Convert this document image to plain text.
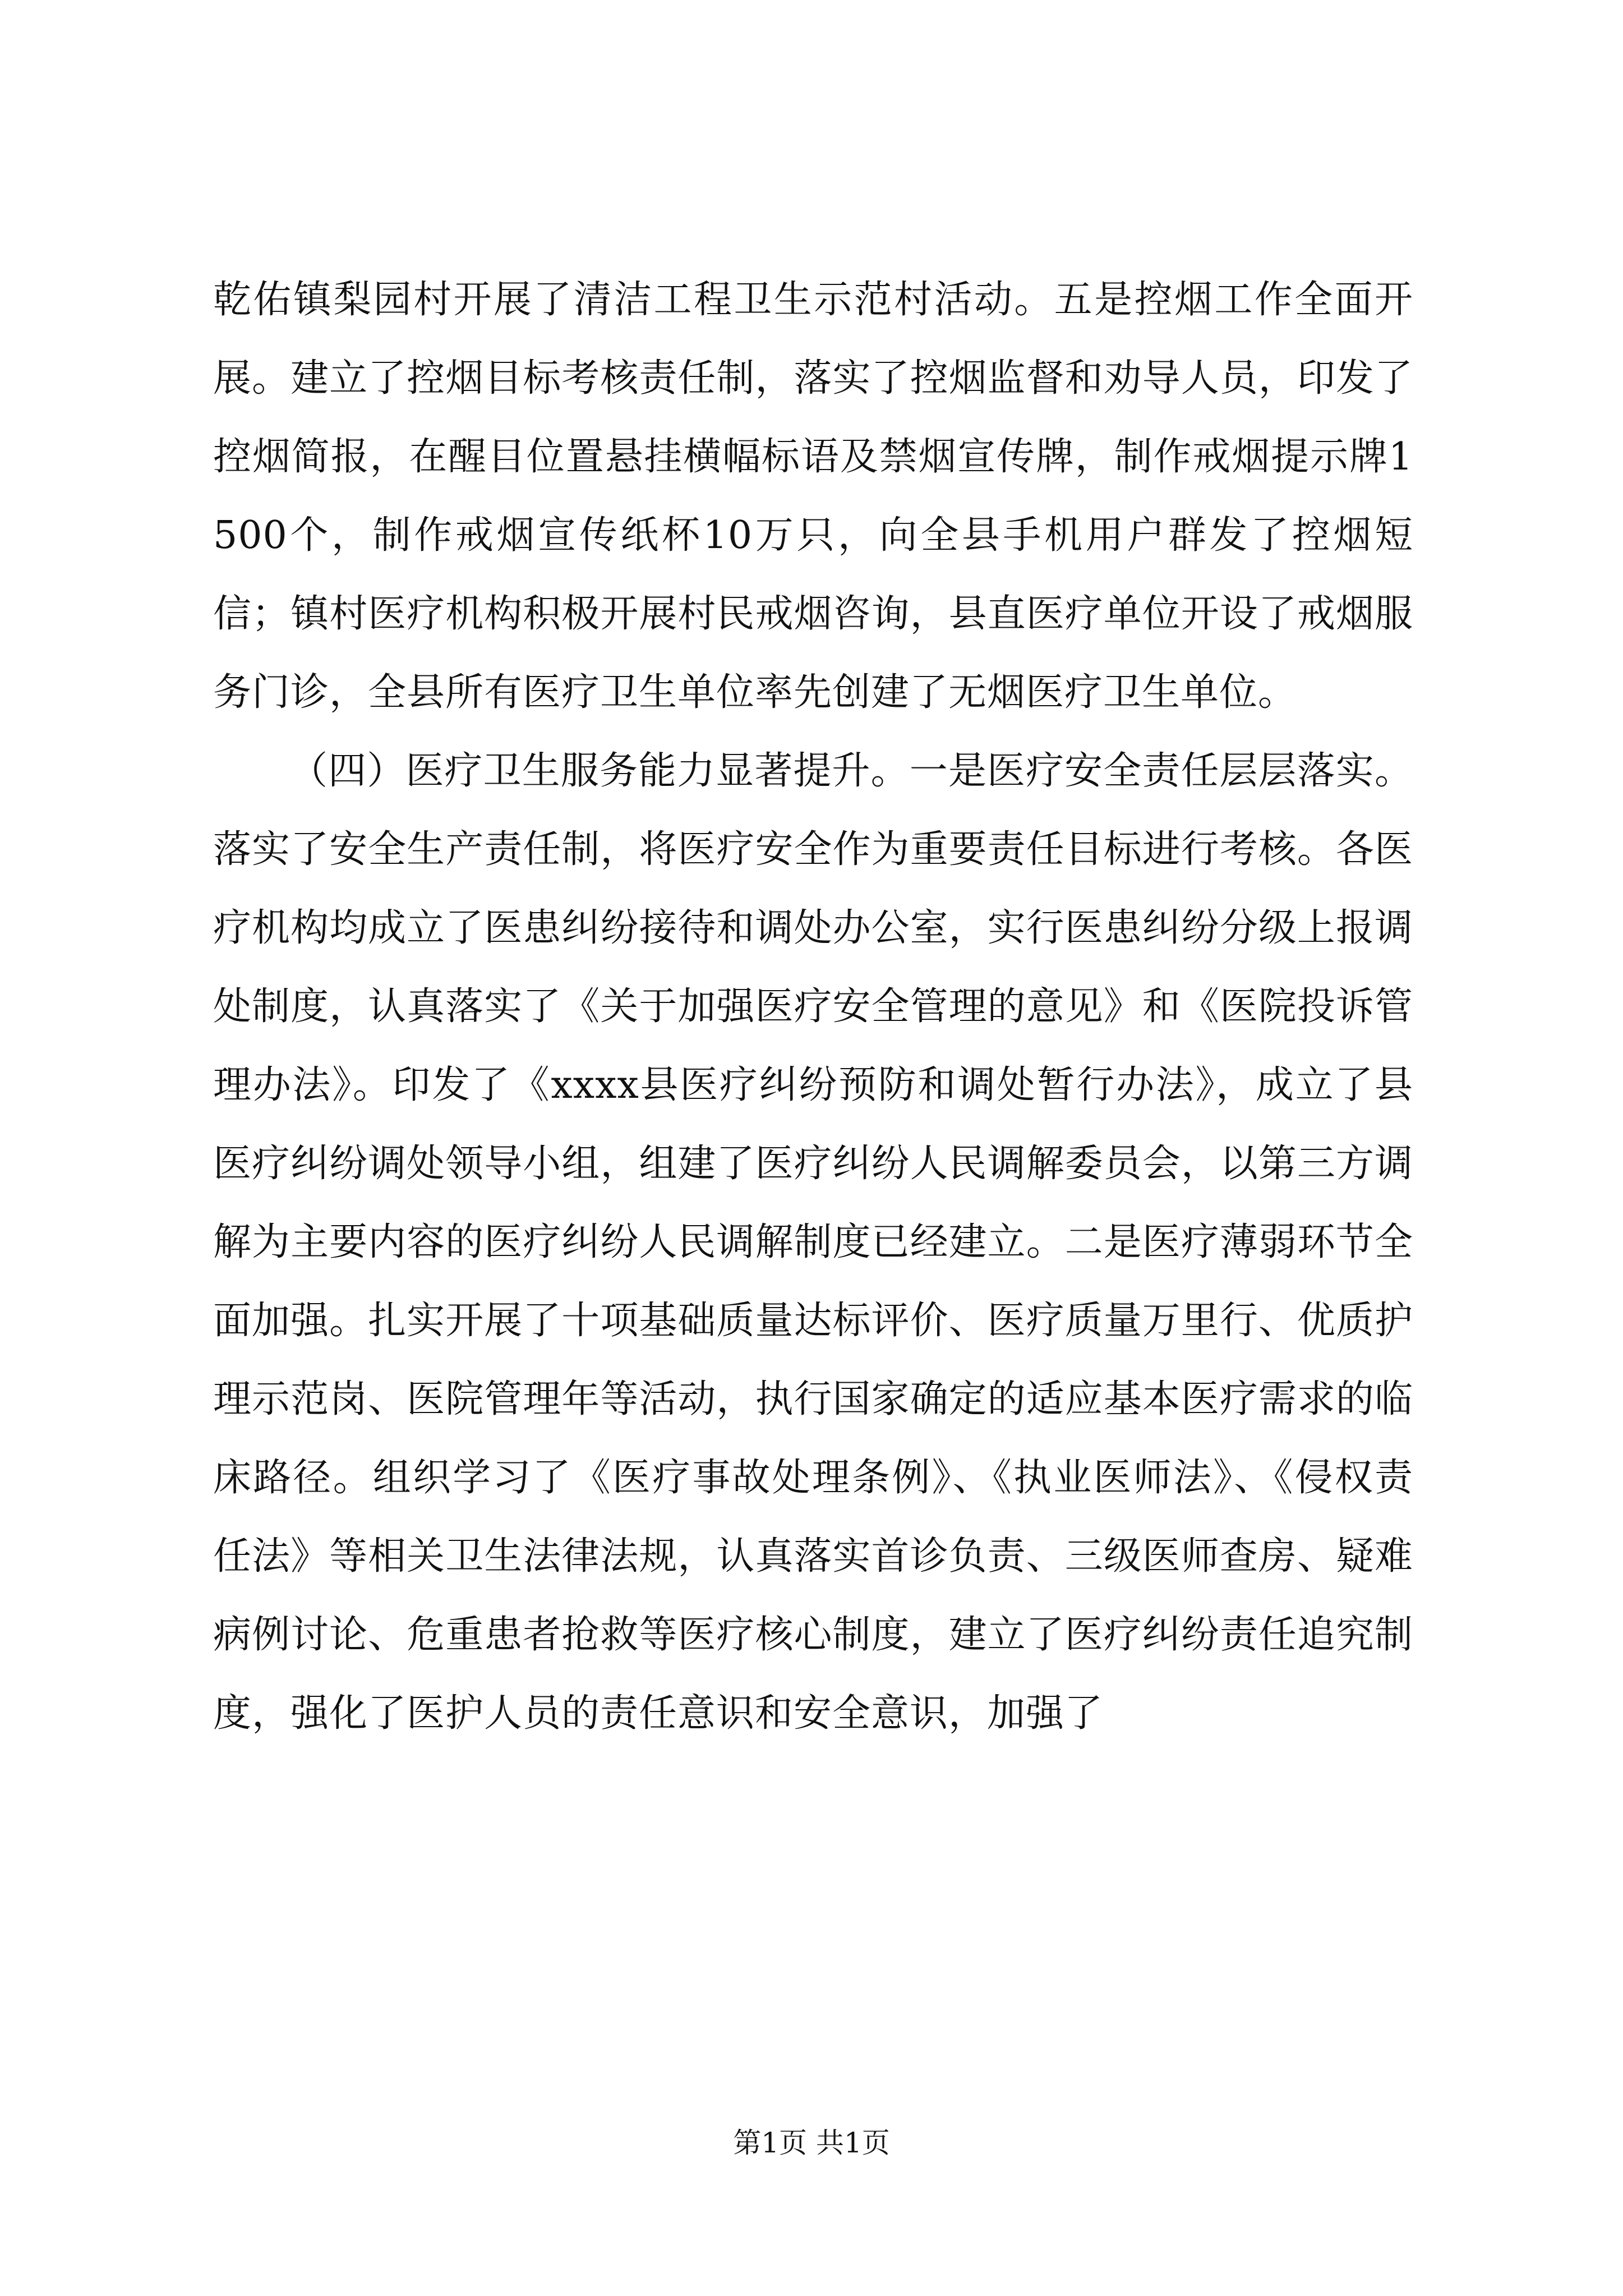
乾佑镇梨园村开展了清洁工程卫生示范村活动。五是控烟工作全面开展。建立了控烟目标考核责任制，落实了控烟监督和劝导人员，印发了控烟简报，在醒目位置悬挂横幅标语及禁烟宣传牌，制作戒烟提示牌1500个，制作戒烟宣传纸杯10万只，向全县手机用户群发了控烟短信；镇村医疗机构积极开展村民戒烟咨询，县直医疗单位开设了戒烟服务门诊，全县所有医疗卫生单位率先创建了无烟医疗卫生单位。

（四）医疗卫生服务能力显著提升。一是医疗安全责任层层落实。落实了安全生产责任制，将医疗安全作为重要责任目标进行考核。各医疗机构均成立了医患纠纷接待和调处办公室，实行医患纠纷分级上报调处制度，认真落实了《关于加强医疗安全管理的意见》和《医院投诉管理办法》。印发了《xxxx县医疗纠纷预防和调处暂行办法》，成立了县医疗纠纷调处领导小组，组建了医疗纠纷人民调解委员会，以第三方调解为主要内容的医疗纠纷人民调解制度已经建立。二是医疗薄弱环节全面加强。扎实开展了十项基础质量达标评价、医疗质量万里行、优质护理示范岗、医院管理年等活动，执行国家确定的适应基本医疗需求的临床路径。组织学习了《医疗事故处理条例》、《执业医师法》、《侵权责任法》等相关卫生法律法规，认真落实首诊负责、三级医师查房、疑难病例讨论、危重患者抢救等医疗核心制度，建立了医疗纠纷责任追究制度，强化了医护人员的责任意识和安全意识，加强了

第1页 共1页
